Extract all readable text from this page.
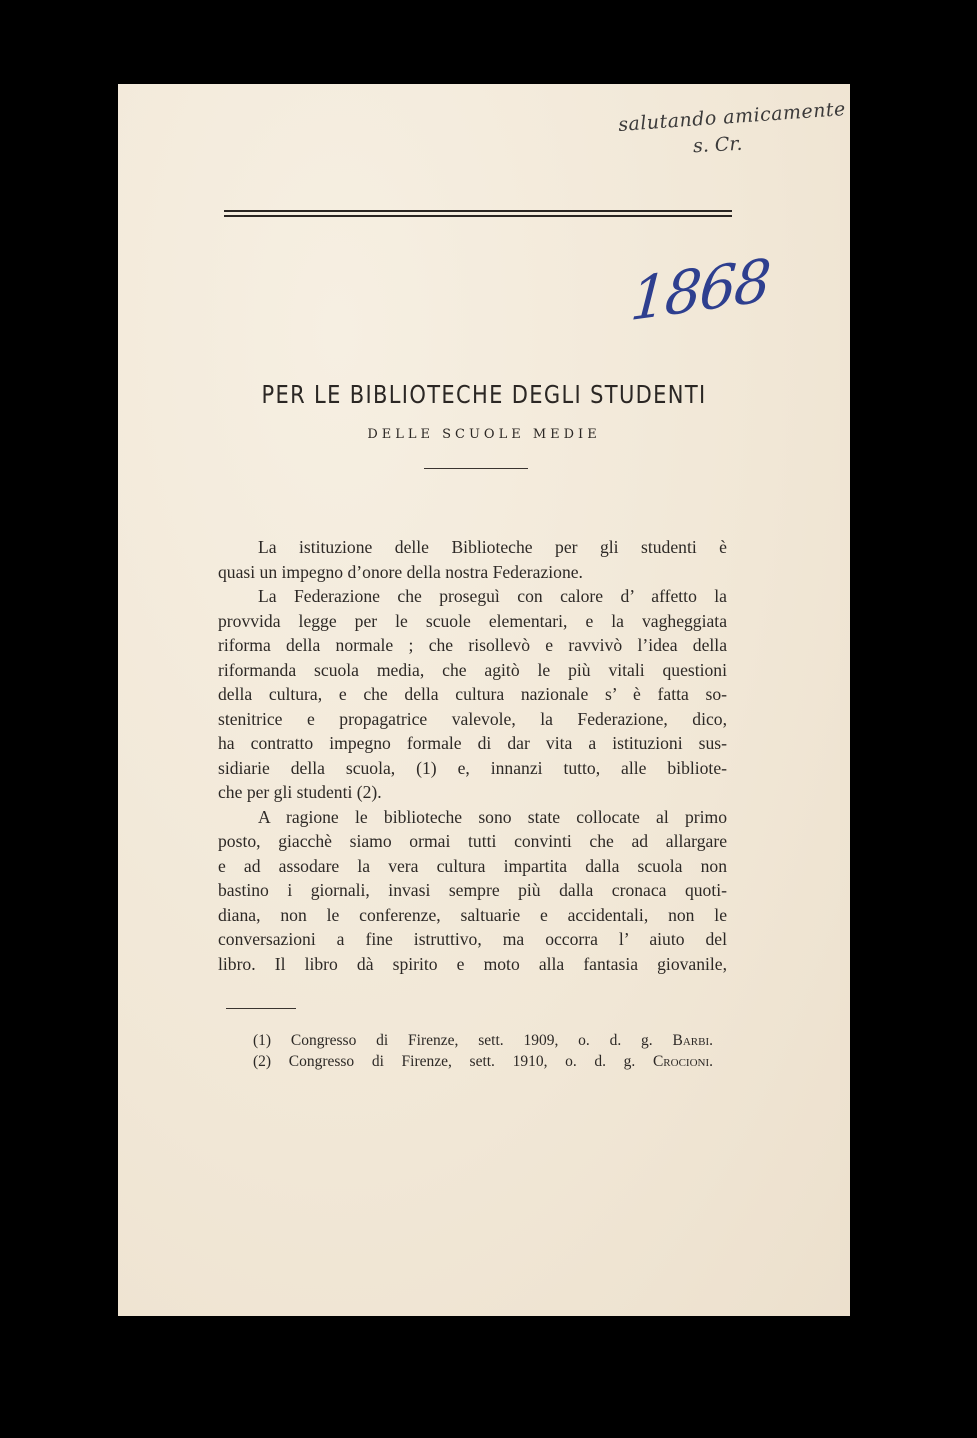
salutando amicamente
s. Cr.
1868
PER LE BIBLIOTECHE DEGLI STUDENTI
DELLE SCUOLE MEDIE
La istituzione delle Biblioteche per gli studenti è
quasi un impegno d’onore della nostra Federazione.
La Federazione che proseguì con calore d’ affetto la
provvida legge per le scuole elementari, e la vagheggiata
riforma della normale ; che risollevò e ravvivò l’idea della
riformanda scuola media, che agitò le più vitali questioni
della cultura, e che della cultura nazionale s’ è fatta so-
stenitrice e propagatrice valevole, la Federazione, dico,
ha contratto impegno formale di dar vita a istituzioni sus-
sidiarie della scuola, (1) e, innanzi tutto, alle bibliote-
che per gli studenti (2).
A ragione le biblioteche sono state collocate al primo
posto, giacchè siamo ormai tutti convinti che ad allargare
e ad assodare la vera cultura impartita dalla scuola non
bastino i giornali, invasi sempre più dalla cronaca quoti-
diana, non le conferenze, saltuarie e accidentali, non le
conversazioni a fine istruttivo, ma occorra l’ aiuto del
libro. Il libro dà spirito e moto alla fantasia giovanile,
(1) Congresso di Firenze, sett. 1909, o. d. g. Barbi.
(2) Congresso di Firenze, sett. 1910, o. d. g. Crocioni.
